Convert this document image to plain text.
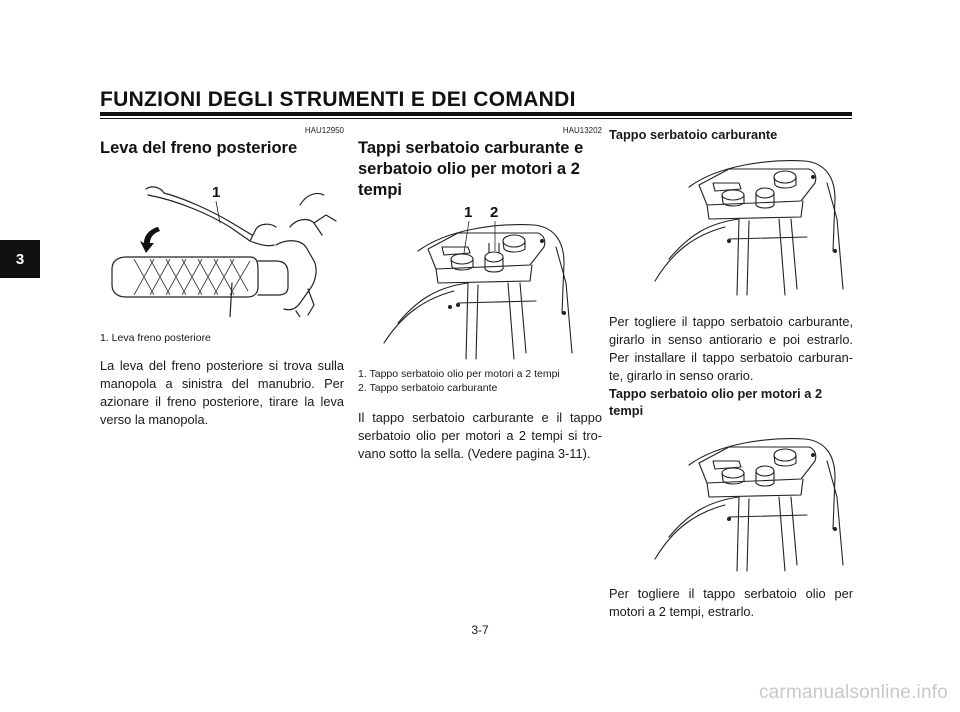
FUNZIONI DEGLI STRUMENTI E DEI COMANDI
3

HAU12950

Leva del freno posteriore
1

1. Leva freno posteriore

La leva del freno posteriore si trova sulla manopola a sinistra del manubrio. Per azionare il freno posteriore, tirare la leva verso la manopola.

HAU13202

Tappi serbatoio carburante e
serbatoio olio per motori a 2
tempi
1 2

1. Tappo serbatoio olio per motori a 2 tempi
2. Tappo serbatoio carburante

Il tappo serbatoio carburante e il tappo serbatoio olio per motori a 2 tempi si tro-vano sotto la sella. (Vedere pagina 3-11).

Tappo serbatoio carburante

Per togliere il tappo serbatoio carburante, girarlo in senso antiorario e poi estrarlo. Per installare il tappo serbatoio carburan-te, girarlo in senso orario.

Tappo serbatoio olio per motori a 2
tempi

Per togliere il tappo serbatoio olio per motori a 2 tempi, estrarlo.

3-7

carmanualsonline.info
